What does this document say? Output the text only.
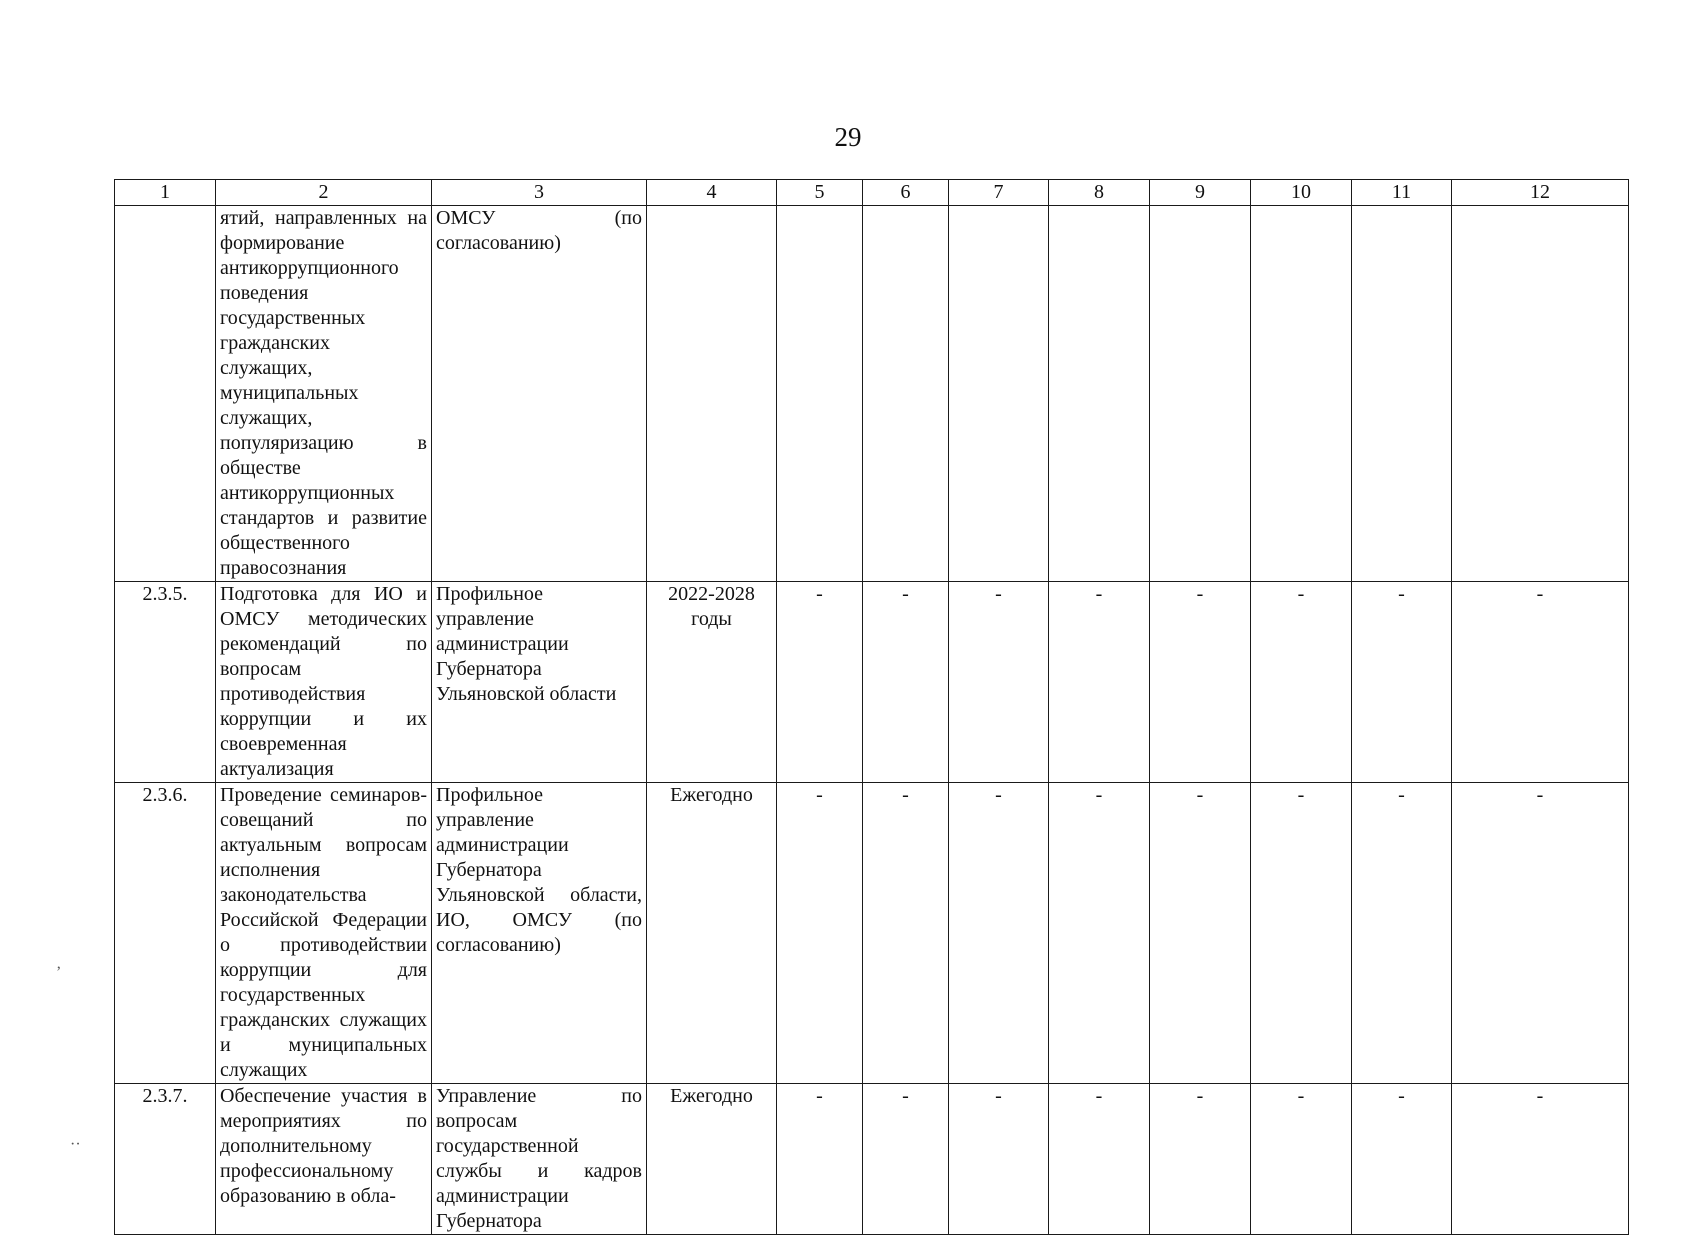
29
1	2	3	4	5	6	7	8	9	10	11	12
	ятий, направленных на формирование антикоррупционного поведения государственных гражданских служащих, муниципальных служащих, популяризацию в обществе антикоррупционных стандартов и развитие общественного правосознания	ОМСУ (по согласованию)									
2.3.5.	Подготовка для ИО и ОМСУ методических рекомендаций по вопросам противодействия коррупции и их своевременная актуализация	Профильное управление администрации Губернатора Ульяновской области	2022-2028 годы	-	-	-	-	-	-	-	-
2.3.6.	Проведение семинаров-совещаний по актуальным вопросам исполнения законодательства Российской Федерации о противодействии коррупции для государственных гражданских служащих и муниципальных служащих	Профильное управление администрации Губернатора Ульяновской области, ИО, ОМСУ (по согласованию)	Ежегодно	-	-	-	-	-	-	-	-
2.3.7.	Обеспечение участия в мероприятиях по дополнительному профессиональному образованию в обла-	Управление по вопросам государственной службы и кадров администрации Губернатора	Ежегодно	-	-	-	-	-	-	-	-
’
··
